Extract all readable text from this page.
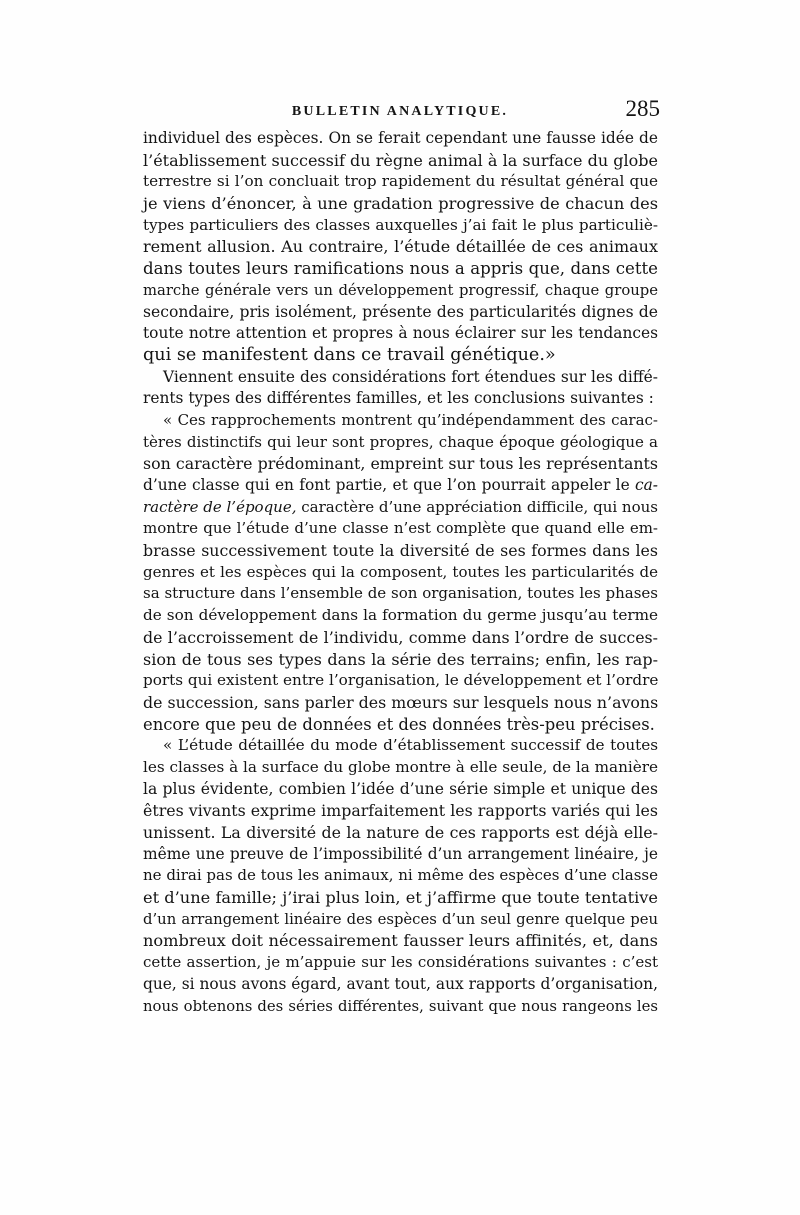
BULLETIN ANALYTIQUE.	285
individuel des espèces. On se ferait cependant une fausse idée de
l’établissement successif du règne animal à la surface du globe
terrestre si l’on concluait trop rapidement du résultat général que
je viens d’énoncer, à une gradation progressive de chacun des
types particuliers des classes auxquelles j’ai fait le plus particuliè-
rement allusion. Au contraire, l’étude détaillée de ces animaux
dans toutes leurs ramifications nous a appris que, dans cette
marche générale vers un développement progressif, chaque groupe
secondaire, pris isolément, présente des particularités dignes de
toute notre attention et propres à nous éclairer sur les tendances
qui se manifestent dans ce travail génétique.»
Viennent ensuite des considérations fort étendues sur les diffé-
rents types des différentes familles, et les conclusions suivantes :
« Ces rapprochements montrent qu’indépendamment des carac-
tères distinctifs qui leur sont propres, chaque époque géologique a
son caractère prédominant, empreint sur tous les représentants
d’une classe qui en font partie, et que l’on pourrait appeler le ca-
ractère de l’époque, caractère d’une appréciation difficile, qui nous
montre que l’étude d’une classe n’est complète que quand elle em-
brasse successivement toute la diversité de ses formes dans les
genres et les espèces qui la composent, toutes les particularités de
sa structure dans l’ensemble de son organisation, toutes les phases
de son développement dans la formation du germe jusqu’au terme
de l’accroissement de l’individu, comme dans l’ordre de succes-
sion de tous ses types dans la série des terrains; enfin, les rap-
ports qui existent entre l’organisation, le développement et l’ordre
de succession, sans parler des mœurs sur lesquels nous n’avons
encore que peu de données et des données très-peu précises.
« L’étude détaillée du mode d’établissement successif de toutes
les classes à la surface du globe montre à elle seule, de la manière
la plus évidente, combien l’idée d’une série simple et unique des
êtres vivants exprime imparfaitement les rapports variés qui les
unissent. La diversité de la nature de ces rapports est déjà elle-
même une preuve de l’impossibilité d’un arrangement linéaire, je
ne dirai pas de tous les animaux, ni même des espèces d’une classe
et d’une famille; j’irai plus loin, et j’affirme que toute tentative
d’un arrangement linéaire des espèces d’un seul genre quelque peu
nombreux doit nécessairement fausser leurs affinités, et, dans
cette assertion, je m’appuie sur les considérations suivantes : c’est
que, si nous avons égard, avant tout, aux rapports d’organisation,
nous obtenons des séries différentes, suivant que nous rangeons les
